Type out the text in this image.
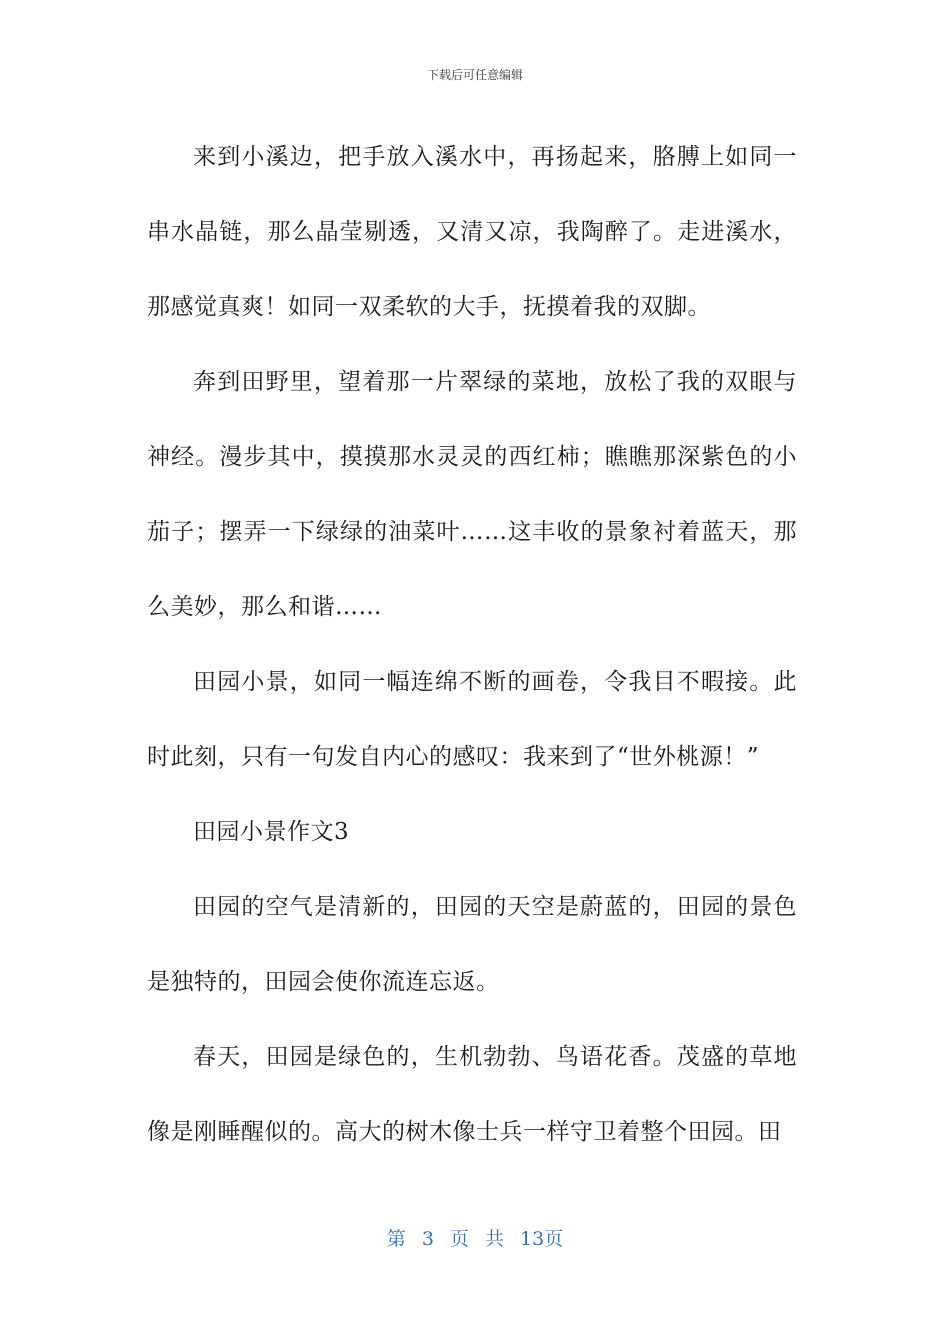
下载后可任意编辑

来到小溪边，把手放入溪水中，再扬起来，胳膊上如同一串水晶链，那么晶莹剔透，又清又凉，我陶醉了。走进溪水，那感觉真爽！如同一双柔软的大手，抚摸着我的双脚。

奔到田野里，望着那一片翠绿的菜地，放松了我的双眼与神经。漫步其中，摸摸那水灵灵的西红柿；瞧瞧那深紫色的小茄子；摆弄一下绿绿的油菜叶……这丰收的景象衬着蓝天，那么美妙，那么和谐……

田园小景，如同一幅连绵不断的画卷，令我目不暇接。此时此刻，只有一句发自内心的感叹：我来到了“世外桃源！”

田园小景作文3

田园的空气是清新的，田园的天空是蔚蓝的，田园的景色是独特的，田园会使你流连忘返。

春天，田园是绿色的，生机勃勃、鸟语花香。茂盛的草地像是刚睡醒似的。高大的树木像士兵一样守卫着整个田园。田

第 3 页 共 13页
